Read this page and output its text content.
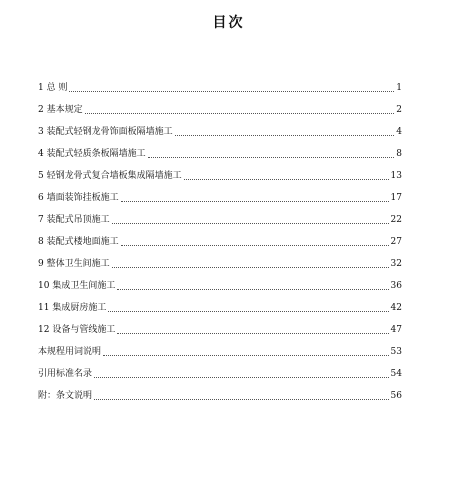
目次
1 总 则	1
2 基本规定	2
3 装配式轻钢龙骨饰面板隔墙施工	4
4 装配式轻质条板隔墙施工	8
5 轻钢龙骨式复合墙板集成隔墙施工	13
6 墙面装饰挂板施工	17
7 装配式吊顶施工	22
8 装配式楼地面施工	27
9 整体卫生间施工	32
10 集成卫生间施工	36
11 集成厨房施工	42
12 设备与管线施工	47
本规程用词说明	53
引用标准名录	54
附：条文说明	56
